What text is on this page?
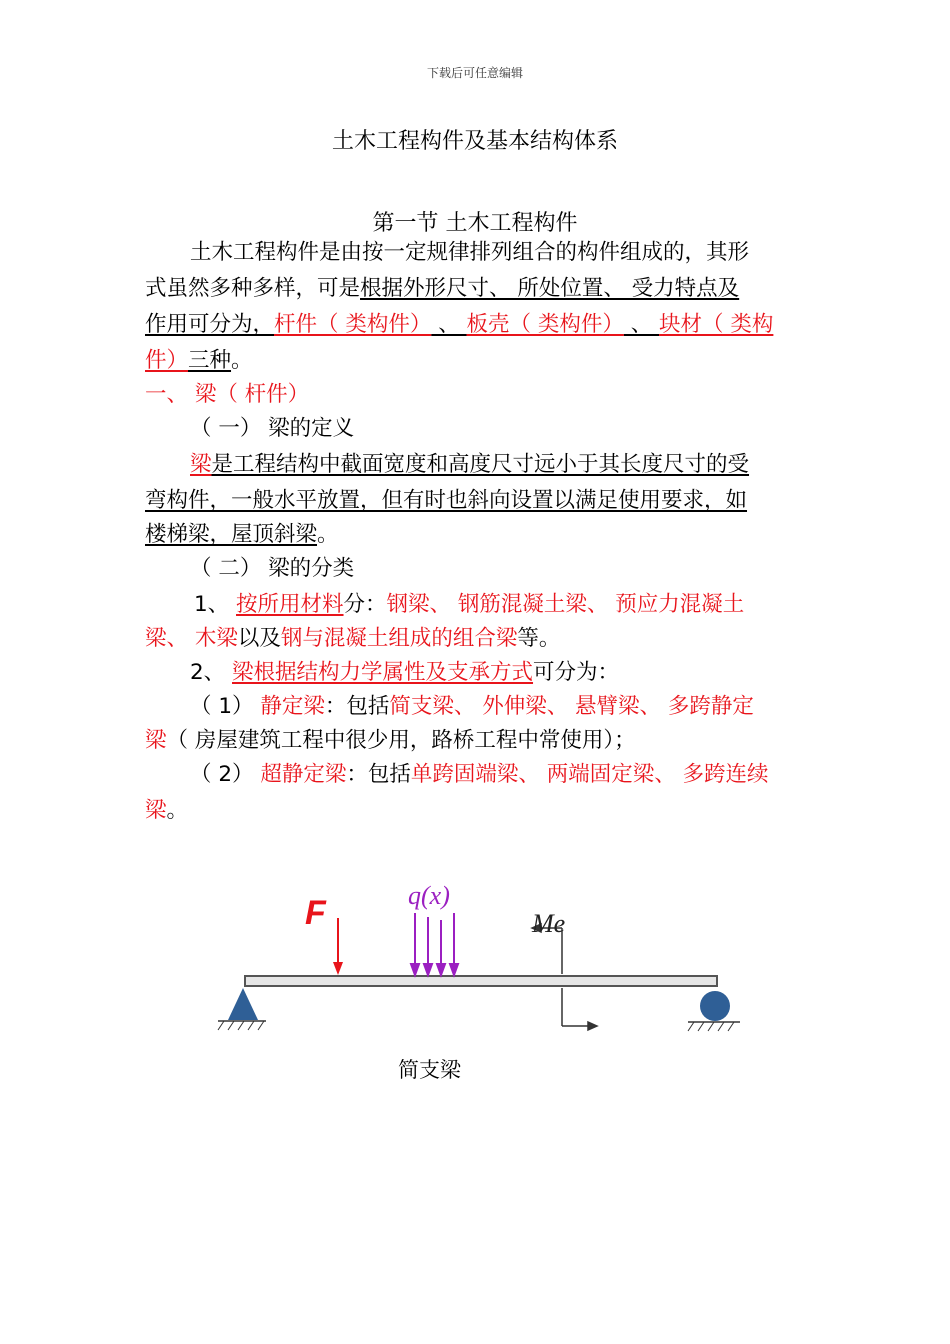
下载后可任意编辑
土木工程构件及基本结构体系
第一节 土木工程构件
土木工程构件是由按一定规律排列组合的构件组成的，其形
式虽然多种多样，可是根据外形尺寸、 所处位置、 受力特点及
作用可分为，杆件（ 类构件） 、 板壳（ 类构件） 、 块材（ 类构
件）三种。
一、 梁（ 杆件）
（ 一） 梁的定义
梁是工程结构中截面宽度和高度尺寸远小于其长度尺寸的受
弯构件，一般水平放置，但有时也斜向设置以满足使用要求，如
楼梯梁，屋顶斜梁。
（ 二） 梁的分类
1、 按所用材料分：钢梁、 钢筋混凝土梁、 预应力混凝土
梁、 木梁以及钢与混凝土组成的组合梁等。
2、 梁根据结构力学属性及支承方式可分为：
（ 1） 静定梁：包括简支梁、 外伸梁、 悬臂梁、 多跨静定
梁（ 房屋建筑工程中很少用，路桥工程中常使用）；
（ 2） 超静定梁：包括单跨固端梁、 两端固定梁、 多跨连续
梁。
F	q(x)
Me
简支梁
